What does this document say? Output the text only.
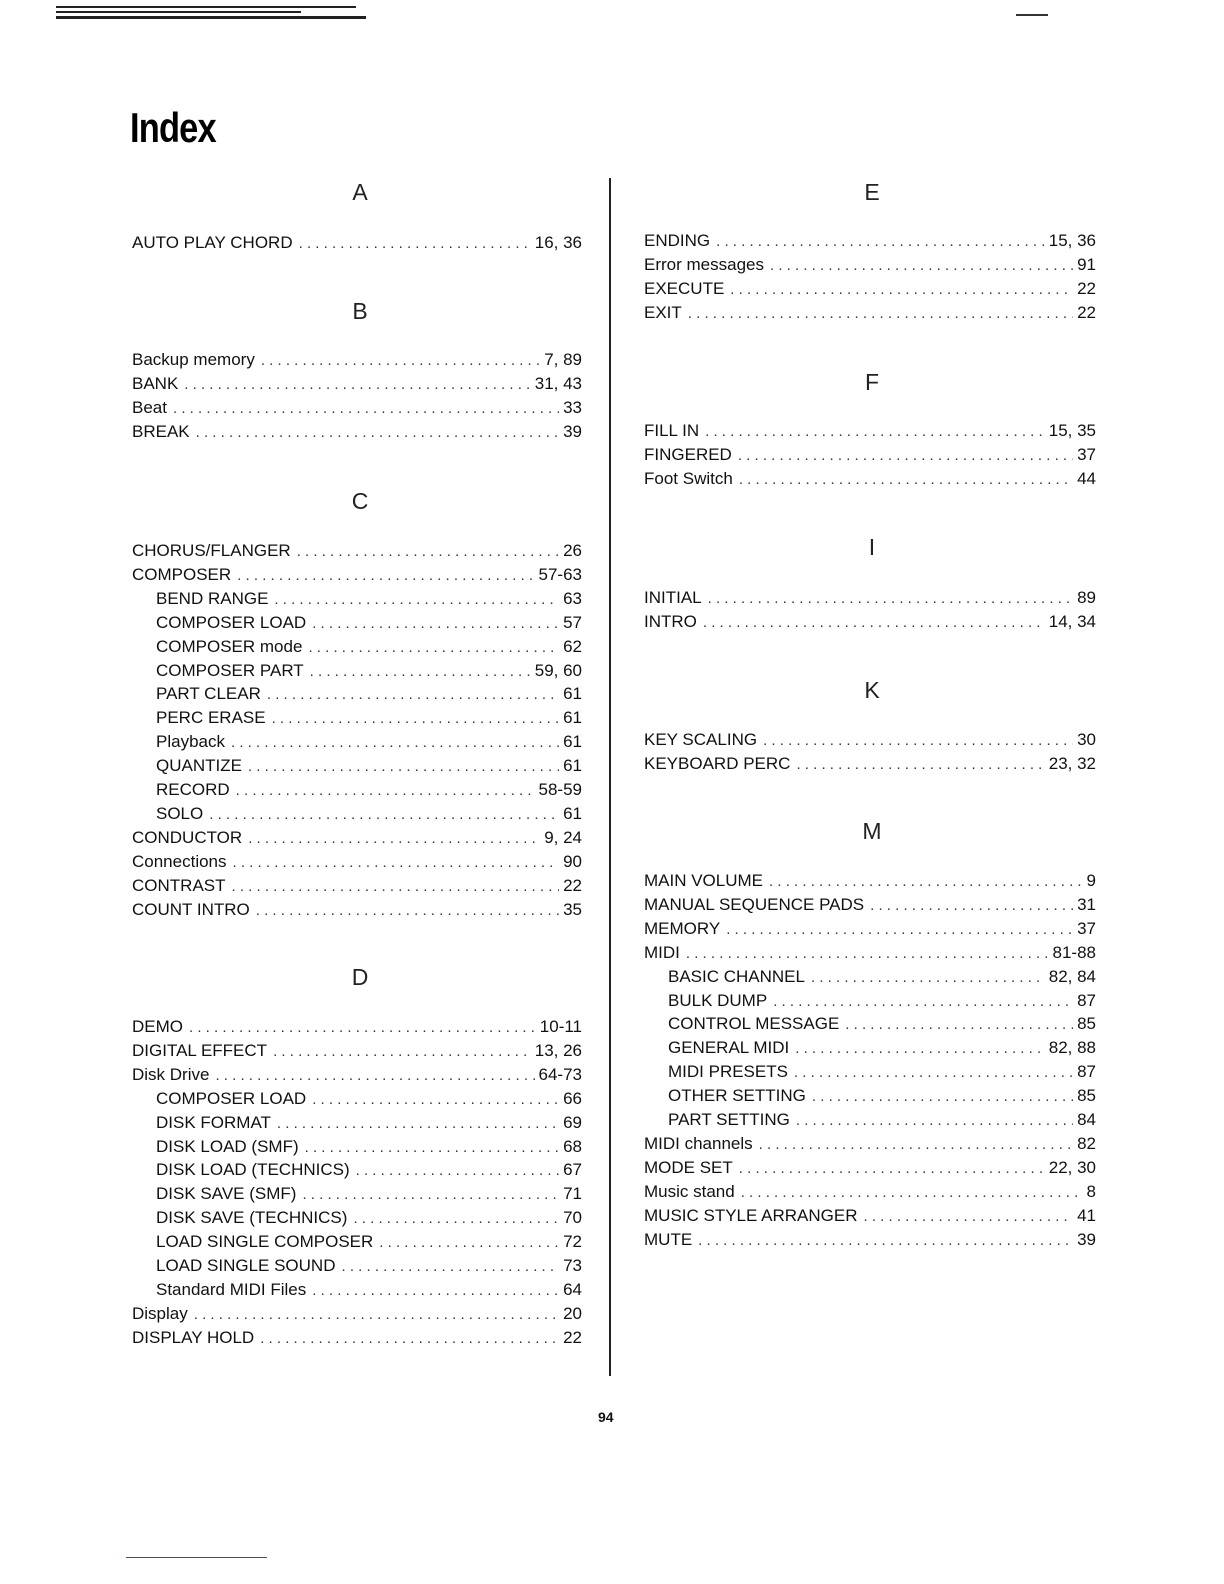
Index
A
AUTO PLAY CHORD . . .	16, 36
B
Backup memory . . .	7, 89
BANK . . .	31, 43
Beat . . .	33
BREAK . . .	39
C
CHORUS/FLANGER . . .	26
COMPOSER . . .	57-63
BEND RANGE . . .	63
COMPOSER LOAD . . .	57
COMPOSER mode . . .	62
COMPOSER PART . . .	59, 60
PART CLEAR . . .	61
PERC ERASE . . .	61
Playback . . .	61
QUANTIZE . . .	61
RECORD . . .	58-59
SOLO . . .	61
CONDUCTOR . . .	9, 24
Connections . . .	90
CONTRAST . . .	22
COUNT INTRO . . .	35
D
DEMO . . .	10-11
DIGITAL EFFECT . . .	13, 26
Disk Drive . . .	64-73
COMPOSER LOAD . . .	66
DISK FORMAT . . .	69
DISK LOAD (SMF) . . .	68
DISK LOAD (TECHNICS) . . .	67
DISK SAVE (SMF) . . .	71
DISK SAVE (TECHNICS) . . .	70
LOAD SINGLE COMPOSER . . .	72
LOAD SINGLE SOUND . . .	73
Standard MIDI Files . . .	64
Display . . .	20
DISPLAY HOLD . . .	22
E
ENDING . . .	15, 36
Error messages . . .	91
EXECUTE . . .	22
EXIT . . .	22
F
FILL IN . . .	15, 35
FINGERED . . .	37
Foot Switch . . .	44
I
INITIAL . . .	89
INTRO . . .	14, 34
K
KEY SCALING . . .	30
KEYBOARD PERC . . .	23, 32
M
MAIN VOLUME . . .	9
MANUAL SEQUENCE PADS . . .	31
MEMORY . . .	37
MIDI . . .	81-88
BASIC CHANNEL . . .	82, 84
BULK DUMP . . .	87
CONTROL MESSAGE . . .	85
GENERAL MIDI . . .	82, 88
MIDI PRESETS . . .	87
OTHER SETTING . . .	85
PART SETTING . . .	84
MIDI channels . . .	82
MODE SET . . .	22, 30
Music stand . . .	8
MUSIC STYLE ARRANGER . . .	41
MUTE . . .	39
94
